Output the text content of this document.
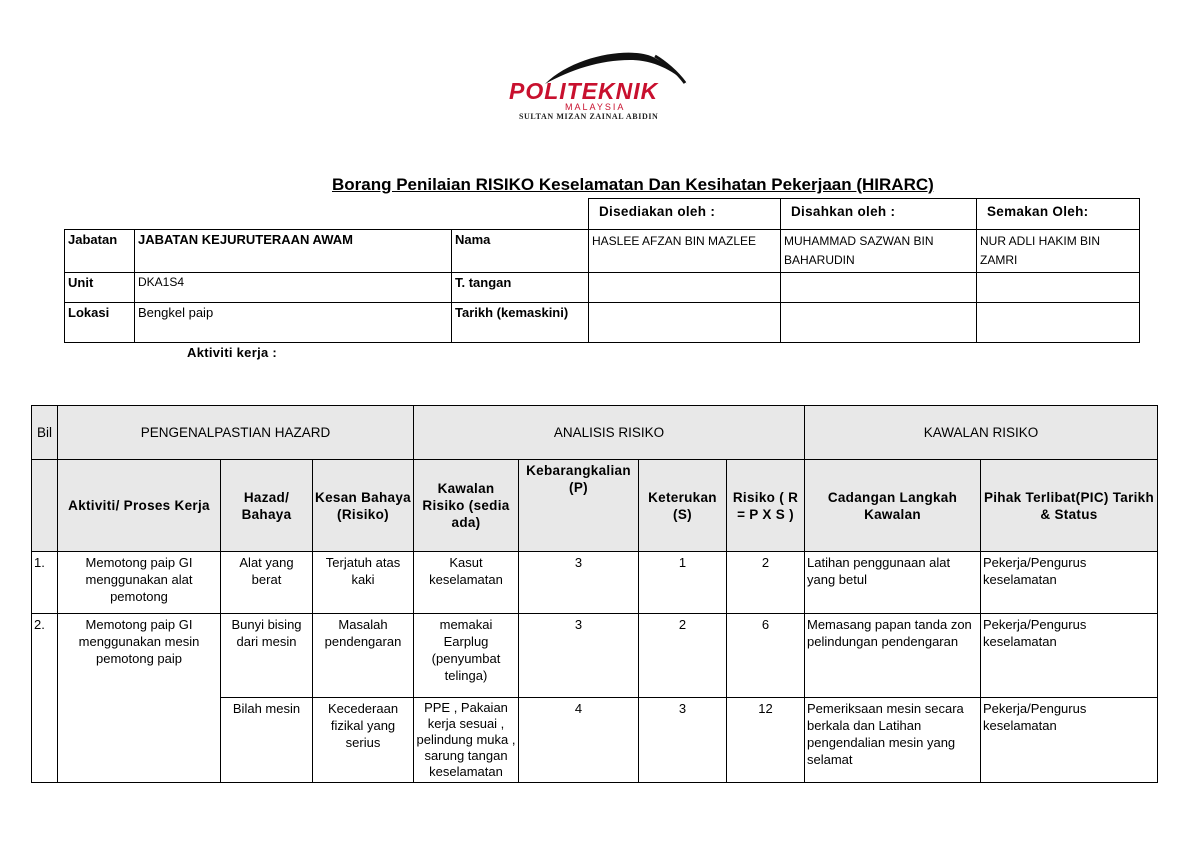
POLITEKNIK
MALAYSIA
SULTAN MIZAN ZAINAL ABIDIN
Borang Penilaian RISIKO Keselamatan Dan Kesihatan Pekerjaan (HIRARC)
			Disediakan oleh :	Disahkan oleh :	Semakan Oleh:
Jabatan	JABATAN KEJURUTERAAN AWAM	Nama	HASLEE AFZAN BIN MAZLEE	MUHAMMAD SAZWAN BIN BAHARUDIN	NUR ADLI HAKIM BIN ZAMRI
Unit	DKA1S4	T. tangan			
Lokasi	Bengkel paip	Tarikh (kemaskini)			
Aktiviti kerja :
Bil	PENGENALPASTIAN HAZARD			ANALISIS RISIKO				KAWALAN RISIKO	
	Aktiviti/ Proses Kerja	Hazad/ Bahaya	Kesan Bahaya (Risiko)	Kawalan Risiko (sedia ada)	Kebarangkalian (P)	Keterukan (S)	Risiko ( R = P X S )	Cadangan Langkah Kawalan	Pihak Terlibat(PIC) Tarikh & Status
1.	Memotong paip GI menggunakan alat pemotong	Alat yang berat	Terjatuh atas kaki	Kasut keselamatan	3	1	2	Latihan penggunaan alat yang betul	Pekerja/Pengurus keselamatan
2.	Memotong paip GI menggunakan mesin pemotong paip	Bunyi bising dari mesin	Masalah pendengaran	memakai Earplug (penyumbat telinga)	3	2	6	Memasang papan tanda zon pelindungan pendengaran	Pekerja/Pengurus keselamatan
		Bilah mesin	Kecederaan fizikal yang serius	PPE , Pakaian kerja sesuai , pelindung muka , sarung tangan keselamatan	4	3	12	Pemeriksaan mesin secara berkala dan Latihan pengendalian mesin yang selamat	Pekerja/Pengurus keselamatan
